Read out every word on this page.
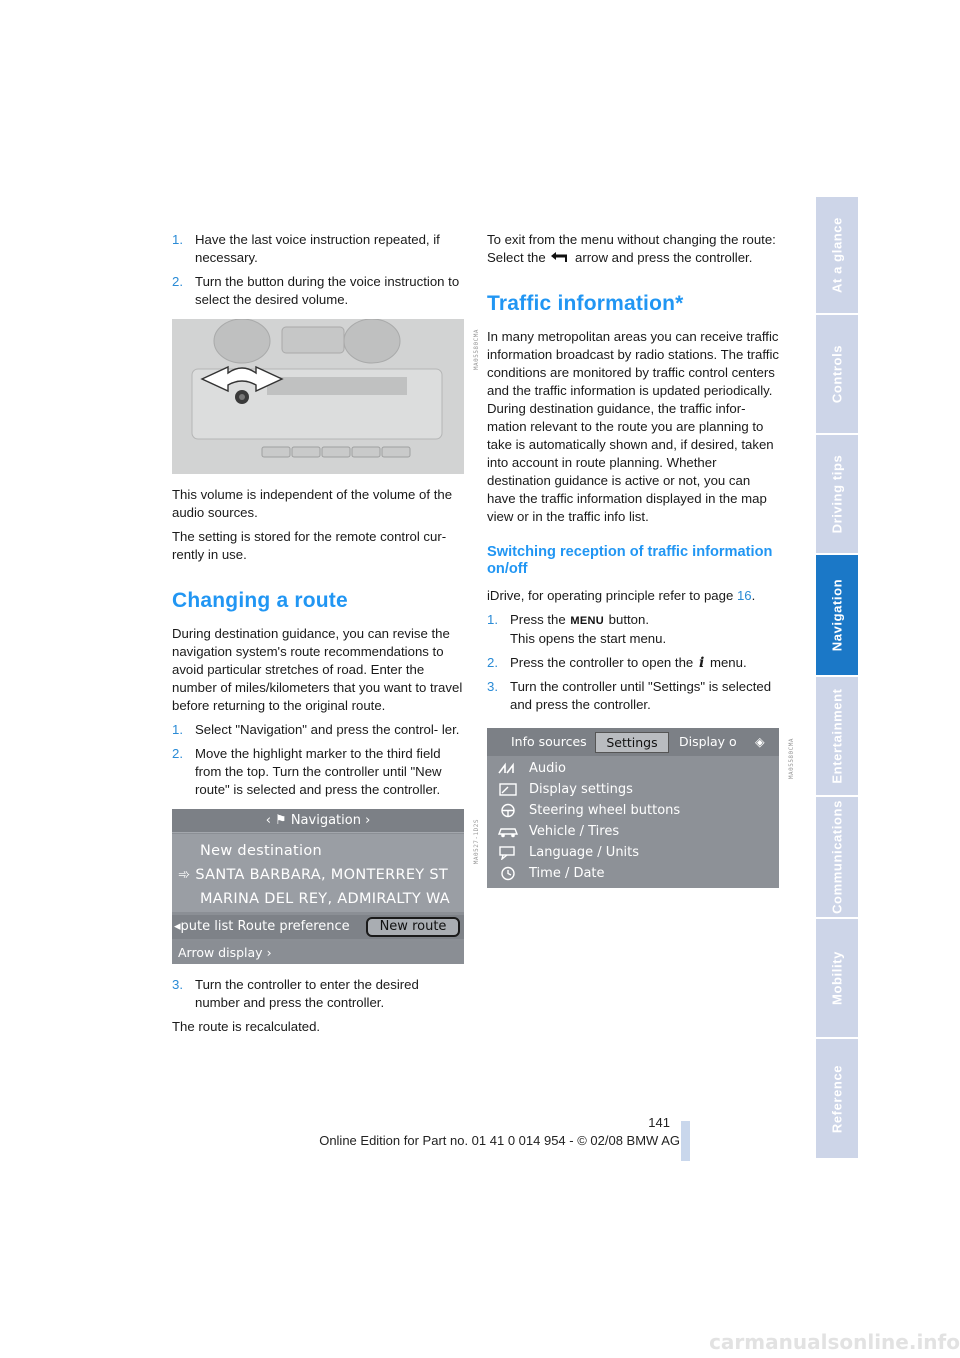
1. Have the last voice instruction repeated, if necessary.
2. Turn the button during the voice instruction to select the desired volume.
MA05580CMA

This volume is independent of the volume of the audio sources.

The setting is stored for the remote control cur- rently in use.

Changing a route

During destination guidance, you can revise the navigation system's route recommendations to avoid particular stretches of road. Enter the number of miles/kilometers that you want to travel before returning to the original route.

1. Select "Navigation" and press the control- ler.
2. Move the highlight marker to the third field from the top. Turn the controller until "New route" is selected and press the controller.
‹ ⚑ Navigation ›
New destination
➾ SANTA BARBARA, MONTERREY ST
MARINA DEL REY, ADMIRALTY WA
◂pute list Route preference	New route
Arrow display ›
MA0527-1D2S
3. Turn the controller to enter the desired number and press the controller.

The route is recalculated.

To exit from the menu without changing the route:

Select the arrow and press the controller.

Traffic information*

In many metropolitan areas you can receive traffic information broadcast by radio stations. The traffic conditions are monitored by traffic control centers and the traffic information is updated periodically.

During destination guidance, the traffic infor- mation relevant to the route you are planning to take is automatically shown and, if desired, taken into account in route planning. Whether destination guidance is active or not, you can have the traffic information displayed in the map view or in the traffic info list.

Switching reception of traffic information on/off

iDrive, for operating principle refer to page 16.

1. Press the MENU button.
This opens the start menu.
2. Press the controller to open the i menu.
3. Turn the controller until "Settings" is selected and press the controller.
Info sources	Display o ◈
Settings
Audio
Display settings
Steering wheel buttons
Vehicle / Tires
Language / Units
Time / Date
MA05580CMA
At a glance
Controls
Driving tips
Navigation
Entertainment
Communications
Mobility
Reference
141
Online Edition for Part no. 01 41 0 014 954 - © 02/08 BMW AG
carmanualsonline.info
